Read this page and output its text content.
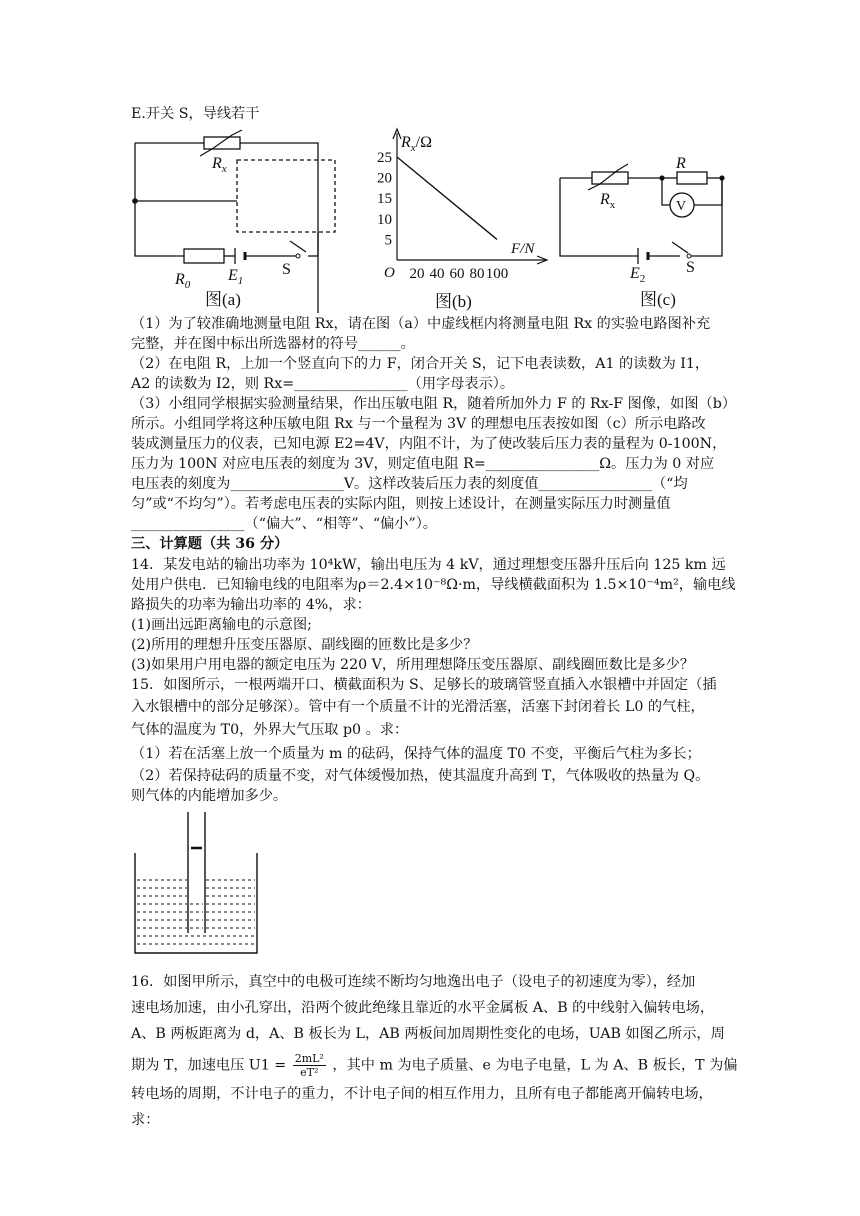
E.开关 S，导线若干
$R_x$
$R_0$
$E_1$
S
图(a)
$R_x/\Omega$
F/N
O
5
10
15
20
25
20 40 60 80 100
图(b)
V
R
$R_x$
$E_2$
S
图(c)
（1）为了较准确地测量电阻 Rx，请在图（a）中虚线框内将测量电阻 Rx 的实验电路图补充
完整，并在图中标出所选器材的符号______。
（2）在电阻 R，上加一个竖直向下的力 F，闭合开关 S，记下电表读数，A1 的读数为 I1，
A2 的读数为 I2，则 Rx=________________（用字母表示）。
（3）小组同学根据实验测量结果，作出压敏电阻 R，随着所加外力 F 的 Rx-F 图像，如图（b）
所示。小组同学将这种压敏电阻 Rx 与一个量程为 3V 的理想电压表按如图（c）所示电路改
装成测量压力的仪表，已知电源 E2=4V，内阻不计，为了使改装后压力表的量程为 0-100N，
压力为 100N 对应电压表的刻度为 3V，则定值电阻 R=________________Ω。压力为 0 对应
电压表的刻度为________________V。这样改装后压力表的刻度值________________（“均
匀”或“不均匀”）。若考虑电压表的实际内阻，则按上述设计，在测量实际压力时测量值
________________（“偏大”、“相等”、“偏小”）。
三、计算题（共 36 分）
14．某发电站的输出功率为 10⁴kW，输出电压为 4 kV，通过理想变压器升压后向 125 km 远
处用户供电．已知输电线的电阻率为ρ＝2.4×10⁻⁸Ω·m，导线横截面积为 1.5×10⁻⁴m²，输电线
路损失的功率为输出功率的 4%，求：
(1)画出远距离输电的示意图;
(2)所用的理想升压变压器原、副线圈的匝数比是多少？
(3)如果用户用电器的额定电压为 220 V，所用理想降压变压器原、副线圈匝数比是多少？
15．如图所示，一根两端开口、横截面积为 S、足够长的玻璃管竖直插入水银槽中并固定（插
入水银槽中的部分足够深）。管中有一个质量不计的光滑活塞，活塞下封闭着长 L0 的气柱，
气体的温度为 T0，外界大气压取 p0 。求：
（1）若在活塞上放一个质量为 m 的砝码，保持气体的温度 T0 不变，平衡后气柱为多长；
（2）若保持砝码的质量不变，对气体缓慢加热，使其温度升高到 T，气体吸收的热量为 Q。
则气体的内能增加多少。
16．如图甲所示，真空中的电极可连续不断均匀地逸出电子（设电子的初速度为零），经加
速电场加速，由小孔穿出，沿两个彼此绝缘且靠近的水平金属板 A、B 的中线射入偏转电场，
A、B 两板距离为 d，A、B 板长为 L，AB 两板间加周期性变化的电场，UAB 如图乙所示，周
期为 T，加速电压 $U1 = \frac{\text{2mL²}}{\text{eT²}}$ ，其中 m 为电子质量、e 为电子电量，L 为 A、B 板长，T 为偏
转电场的周期，不计电子的重力，不计电子间的相互作用力，且所有电子都能离开偏转电场，
求：
